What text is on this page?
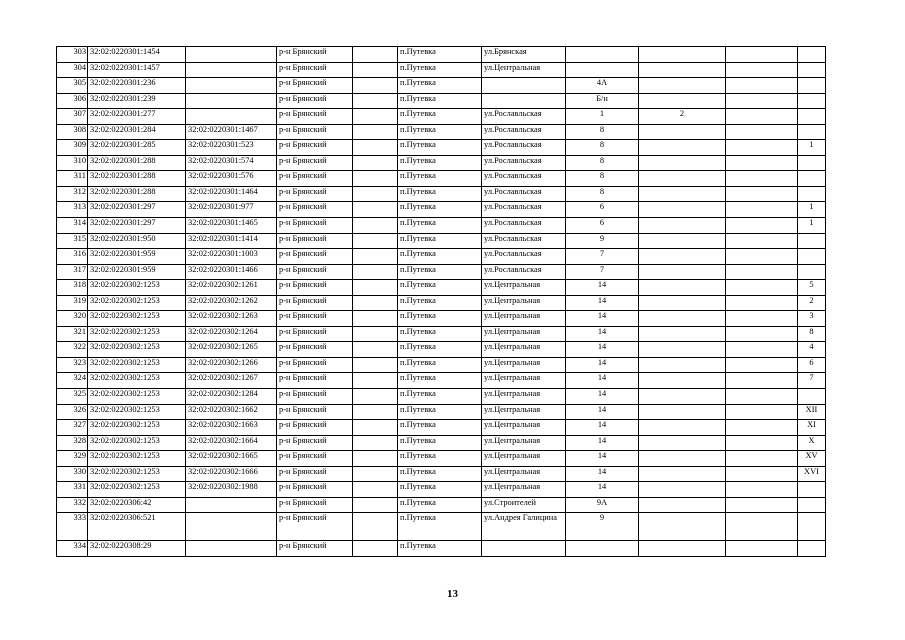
303	32:02:0220301:1454		р-н Брянский		п.Путевка	ул.Брянская				
304	32:02:0220301:1457		р-н Брянский		п.Путевка	ул.Центральная				
305	32:02:0220301:236		р-н Брянский		п.Путевка		4А			
306	32:02:0220301:239		р-н Брянский		п.Путевка		Б/н			
307	32:02:0220301:277		р-н Брянский		п.Путевка	ул.Рославльская	1	2		
308	32:02:0220301:284	32:02:0220301:1467	р-н Брянский		п.Путевка	ул.Рославльская	8			
309	32:02:0220301:285	32:02:0220301:523	р-н Брянский		п.Путевка	ул.Рославльская	8			1
310	32:02:0220301:288	32:02:0220301:574	р-н Брянский		п.Путевка	ул.Рославльская	8			
311	32:02:0220301:288	32:02:0220301:576	р-н Брянский		п.Путевка	ул.Рославльская	8			
312	32:02:0220301:288	32:02:0220301:1464	р-н Брянский		п.Путевка	ул.Рославльская	8			
313	32:02:0220301:297	32:02:0220301:977	р-н Брянский		п.Путевка	ул.Рославльская	6			1
314	32:02:0220301:297	32:02:0220301:1465	р-н Брянский		п.Путевка	ул.Рославльская	6			1
315	32:02:0220301:950	32:02:0220301:1414	р-н Брянский		п.Путевка	ул.Рославльская	9			
316	32:02:0220301:959	32:02:0220301:1003	р-н Брянский		п.Путевка	ул.Рославльская	7			
317	32:02:0220301:959	32:02:0220301:1466	р-н Брянский		п.Путевка	ул.Рославльская	7			
318	32:02:0220302:1253	32:02:0220302:1261	р-н Брянский		п.Путевка	ул.Центральная	14			5
319	32:02:0220302:1253	32:02:0220302:1262	р-н Брянский		п.Путевка	ул.Центральная	14			2
320	32:02:0220302:1253	32:02:0220302:1263	р-н Брянский		п.Путевка	ул.Центральная	14			3
321	32:02:0220302:1253	32:02:0220302:1264	р-н Брянский		п.Путевка	ул.Центральная	14			8
322	32:02:0220302:1253	32:02:0220302:1265	р-н Брянский		п.Путевка	ул.Центральная	14			4
323	32:02:0220302:1253	32:02:0220302:1266	р-н Брянский		п.Путевка	ул.Центральная	14			6
324	32:02:0220302:1253	32:02:0220302:1267	р-н Брянский		п.Путевка	ул.Центральная	14			7
325	32:02:0220302:1253	32:02:0220302:1284	р-н Брянский		п.Путевка	ул.Центральная	14			
326	32:02:0220302:1253	32:02:0220302:1662	р-н Брянский		п.Путевка	ул.Центральная	14			XII
327	32:02:0220302:1253	32:02:0220302:1663	р-н Брянский		п.Путевка	ул.Центральная	14			XI
328	32:02:0220302:1253	32:02:0220302:1664	р-н Брянский		п.Путевка	ул.Центральная	14			X
329	32:02:0220302:1253	32:02:0220302:1665	р-н Брянский		п.Путевка	ул.Центральная	14			XV
330	32:02:0220302:1253	32:02:0220302:1666	р-н Брянский		п.Путевка	ул.Центральная	14			XVI
331	32:02:0220302:1253	32:02:0220302:1988	р-н Брянский		п.Путевка	ул.Центральная	14			
332	32:02:0220306:42		р-н Брянский		п.Путевка	ул.Строителей	9А			
333	32:02:0220306:521		р-н Брянский		п.Путевка	ул.Андрея Галицина	9			
334	32:02:0220308:29		р-н Брянский		п.Путевка					
13
